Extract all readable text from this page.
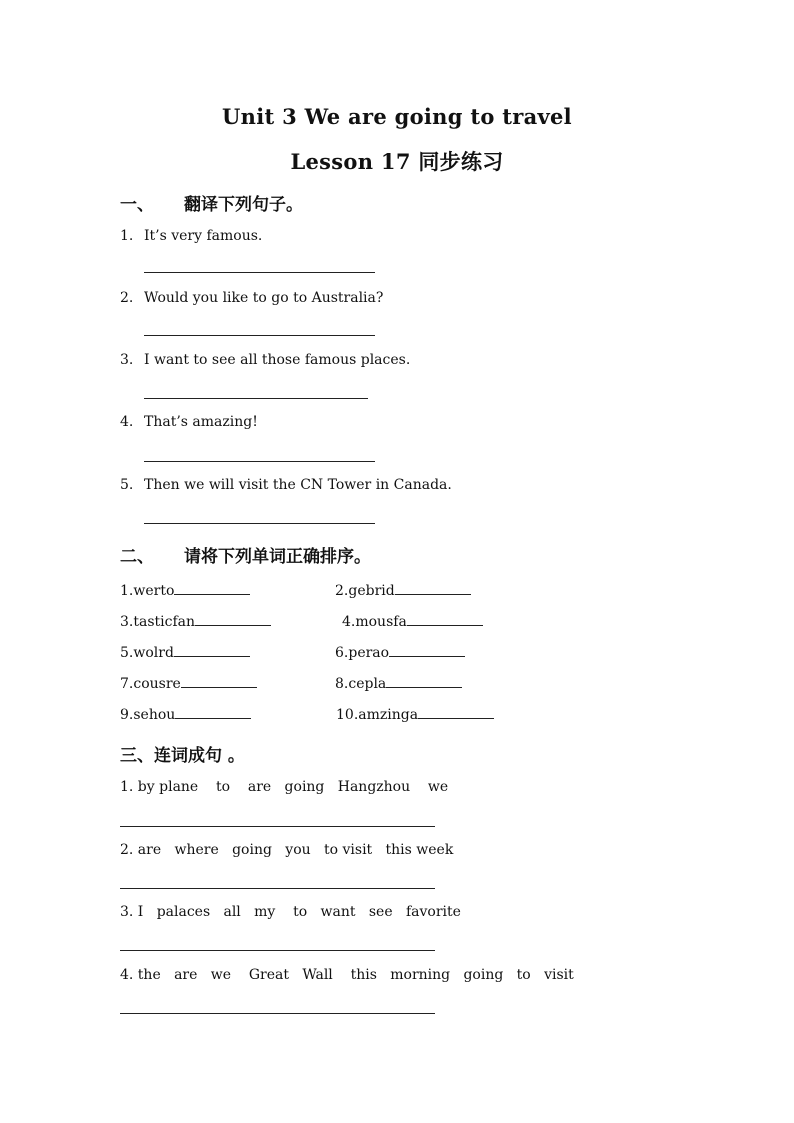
Unit 3 We are going to travel
Lesson 17 同步练习
一、 翻译下列句子。
1. It’s very famous.
2. Would you like to go to Australia?
3. I want to see all those famous places.
4. That’s amazing!
5. Then we will visit the CN Tower in Canada.
二、 请将下列单词正确排序。
1.werto	2.gebrid
3.tasticfan	4.mousfa
5.wolrd	6.perao
7.cousre	8.cepla
9.sehou	10.amzinga
三、连词成句 。
1. by plane    to    are   going   Hangzhou    we
2. are   where   going   you   to visit   this week
3. I   palaces   all   my    to   want   see   favorite
4. the   are   we    Great   Wall    this   morning   going   to   visit
